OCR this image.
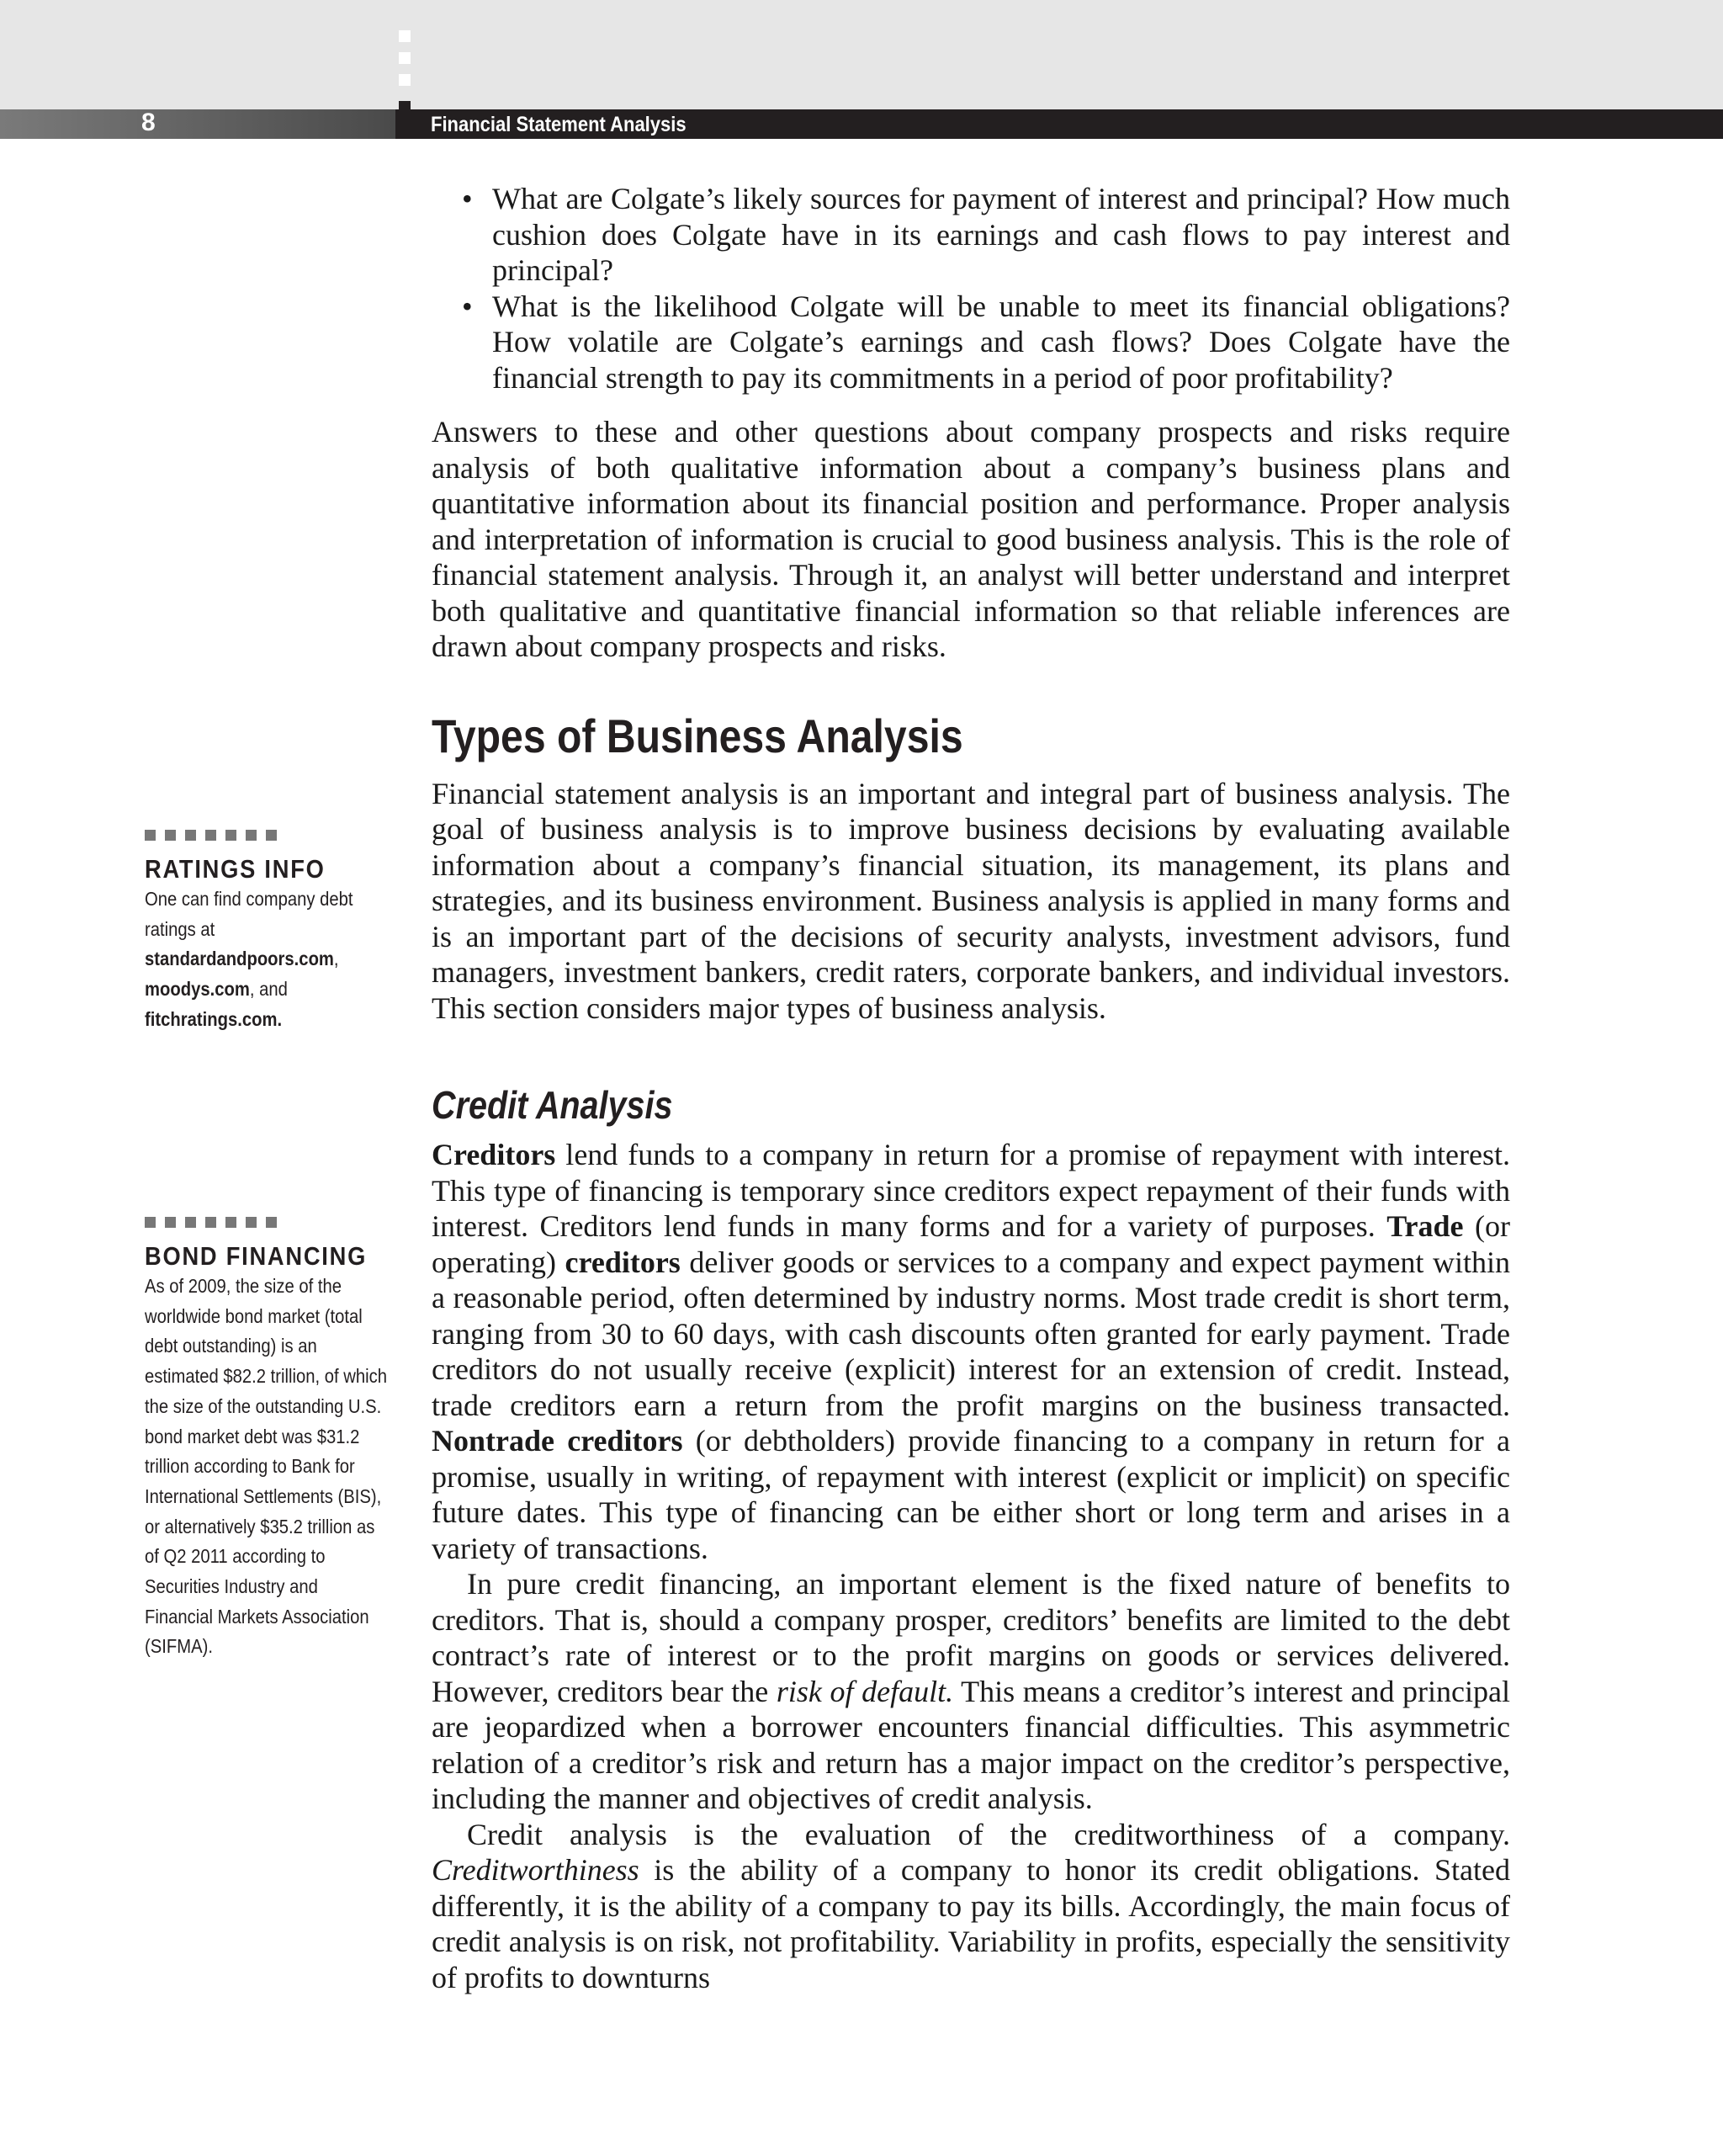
8	Financial Statement Analysis
• What are Colgate’s likely sources for payment of interest and principal? How much cushion does Colgate have in its earnings and cash flows to pay interest and principal?
• What is the likelihood Colgate will be unable to meet its financial obligations? How volatile are Colgate’s earnings and cash flows? Does Colgate have the financial strength to pay its commitments in a period of poor profitability?

Answers to these and other questions about company prospects and risks require analysis of both qualitative information about a company’s business plans and quantitative information about its financial position and performance. Proper analysis and interpretation of information is crucial to good business analysis. This is the role of financial statement analysis. Through it, an analyst will better understand and interpret both qualitative and quantitative financial information so that reliable inferences are drawn about company prospects and risks.

Types of Business Analysis

Financial statement analysis is an important and integral part of business analysis. The goal of business analysis is to improve business decisions by evaluating available information about a company’s financial situation, its management, its plans and strategies, and its business environment. Business analysis is applied in many forms and is an important part of the decisions of security analysts, investment advisors, fund managers, investment bankers, credit raters, corporate bankers, and individual investors. This section considers major types of business analysis.

Credit Analysis

Creditors lend funds to a company in return for a promise of repayment with interest. This type of financing is temporary since creditors expect repayment of their funds with interest. Creditors lend funds in many forms and for a variety of purposes. Trade (or operating) creditors deliver goods or services to a company and expect payment within a reasonable period, often determined by industry norms. Most trade credit is short term, ranging from 30 to 60 days, with cash discounts often granted for early payment. Trade creditors do not usually receive (explicit) interest for an extension of credit. Instead, trade creditors earn a return from the profit margins on the business transacted. Nontrade creditors (or debtholders) provide financing to a company in return for a promise, usually in writing, of repayment with interest (explicit or implicit) on specific future dates. This type of financing can be either short or long term and arises in a variety of transactions.

In pure credit financing, an important element is the fixed nature of benefits to creditors. That is, should a company prosper, creditors’ benefits are limited to the debt contract’s rate of interest or to the profit margins on goods or services delivered. However, creditors bear the risk of default. This means a creditor’s interest and principal are jeopardized when a borrower encounters financial difficulties. This asymmetric relation of a creditor’s risk and return has a major impact on the creditor’s perspective, including the manner and objectives of credit analysis.

Credit analysis is the evaluation of the creditworthiness of a company. Creditworthiness is the ability of a company to honor its credit obligations. Stated differently, it is the ability of a company to pay its bills. Accordingly, the main focus of credit analysis is on risk, not profitability. Variability in profits, especially the sensitivity of profits to downturns

RATINGS INFO
One can find company debt ratings at standardandpoors.com, moodys.com, and fitchratings.com.
BOND FINANCING
As of 2009, the size of the worldwide bond market (total debt outstanding) is an estimated $82.2 trillion, of which the size of the outstanding U.S. bond market debt was $31.2 trillion according to Bank for International Settlements (BIS), or alternatively $35.2 trillion as of Q2 2011 according to Securities Industry and Financial Markets Association (SIFMA).
